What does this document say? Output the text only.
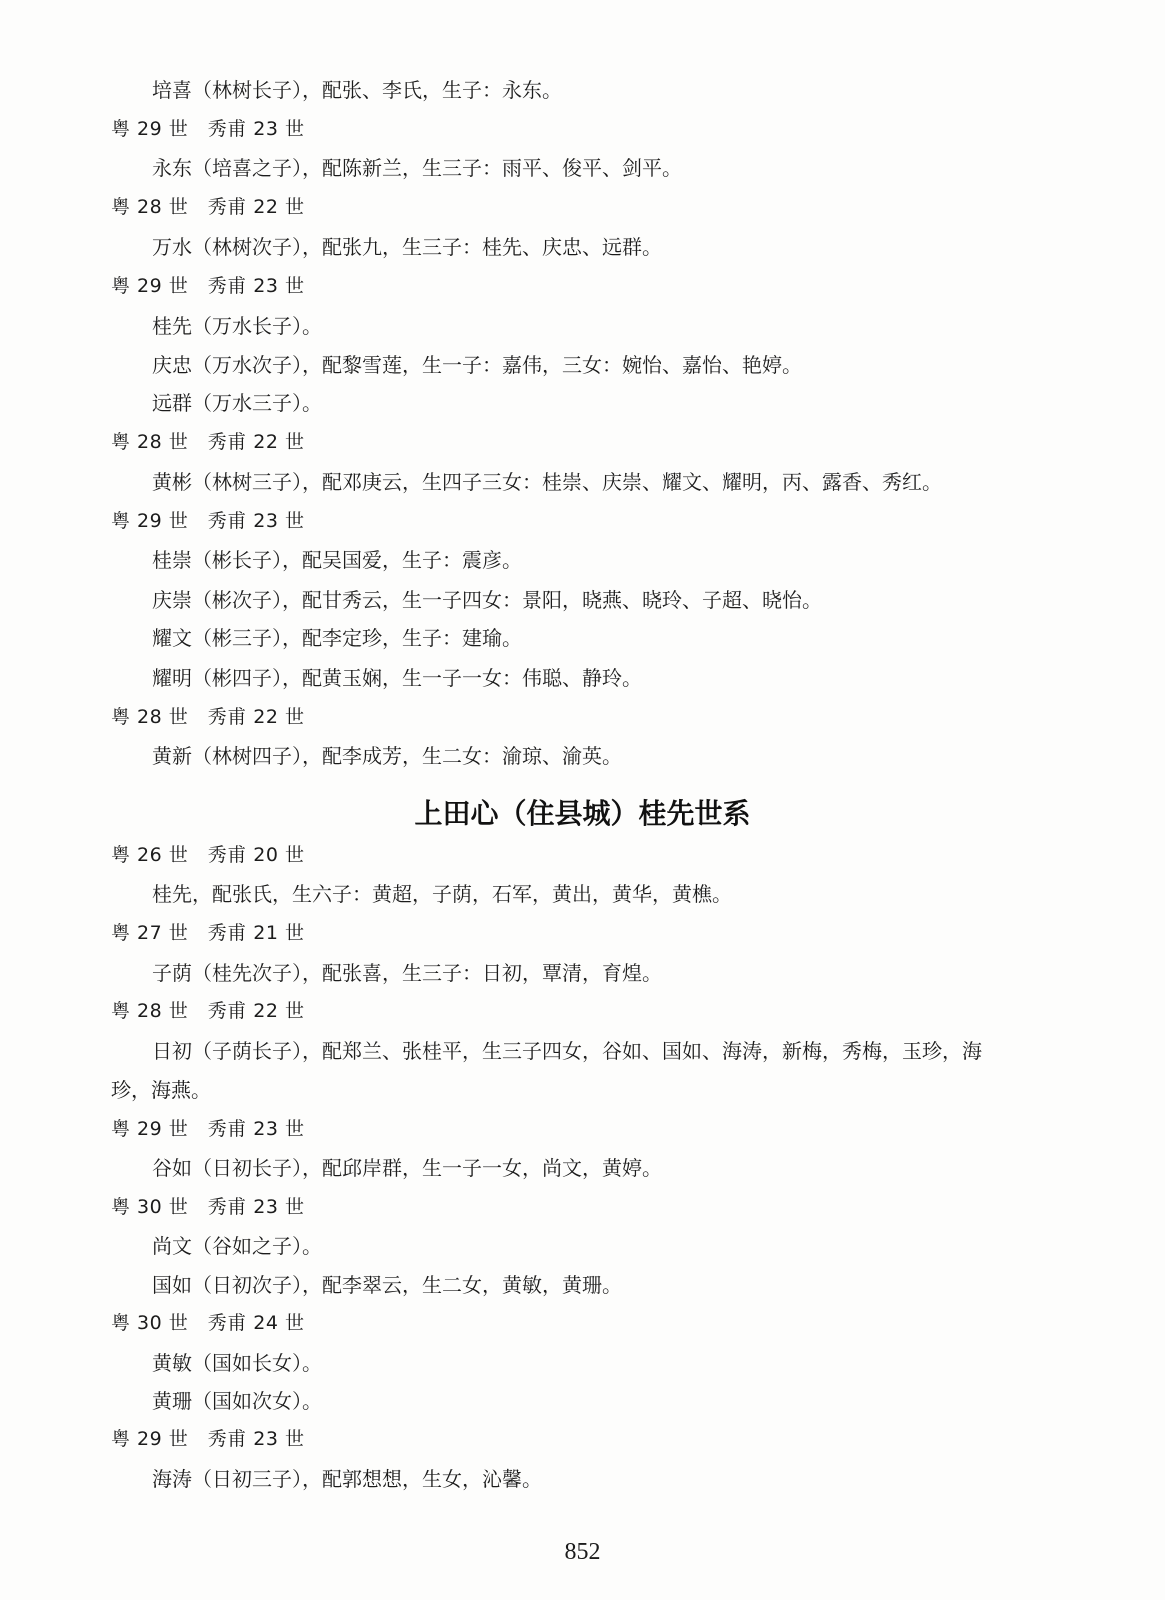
培喜（林树长子），配张、李氏，生子：永东。
粤 29 世　秀甫 23 世
永东（培喜之子），配陈新兰，生三子：雨平、俊平、剑平。
粤 28 世　秀甫 22 世
万水（林树次子），配张九，生三子：桂先、庆忠、远群。
粤 29 世　秀甫 23 世
桂先（万水长子）。
庆忠（万水次子），配黎雪莲，生一子：嘉伟，三女：婉怡、嘉怡、艳婷。
远群（万水三子）。
粤 28 世　秀甫 22 世
黄彬（林树三子），配邓庚云，生四子三女：桂崇、庆崇、耀文、耀明，丙、露香、秀红。
粤 29 世　秀甫 23 世
桂崇（彬长子），配吴国爱，生子：震彦。
庆崇（彬次子），配甘秀云，生一子四女：景阳，晓燕、晓玲、子超、晓怡。
耀文（彬三子），配李定珍，生子：建瑜。
耀明（彬四子），配黄玉娴，生一子一女：伟聪、静玲。
粤 28 世　秀甫 22 世
黄新（林树四子），配李成芳，生二女：渝琼、渝英。
上田心（住县城）桂先世系
粤 26 世　秀甫 20 世
桂先，配张氏，生六子：黄超，子荫，石军，黄出，黄华，黄樵。
粤 27 世　秀甫 21 世
子荫（桂先次子），配张喜，生三子：日初，覃清，育煌。
粤 28 世　秀甫 22 世
日初（子荫长子），配郑兰、张桂平，生三子四女，谷如、国如、海涛，新梅，秀梅，玉珍，海
珍，海燕。
粤 29 世　秀甫 23 世
谷如（日初长子），配邱岸群，生一子一女，尚文，黄婷。
粤 30 世　秀甫 23 世
尚文（谷如之子）。
国如（日初次子），配李翠云，生二女，黄敏，黄珊。
粤 30 世　秀甫 24 世
黄敏（国如长女）。
黄珊（国如次女）。
粤 29 世　秀甫 23 世
海涛（日初三子），配郭想想，生女，沁馨。
852
